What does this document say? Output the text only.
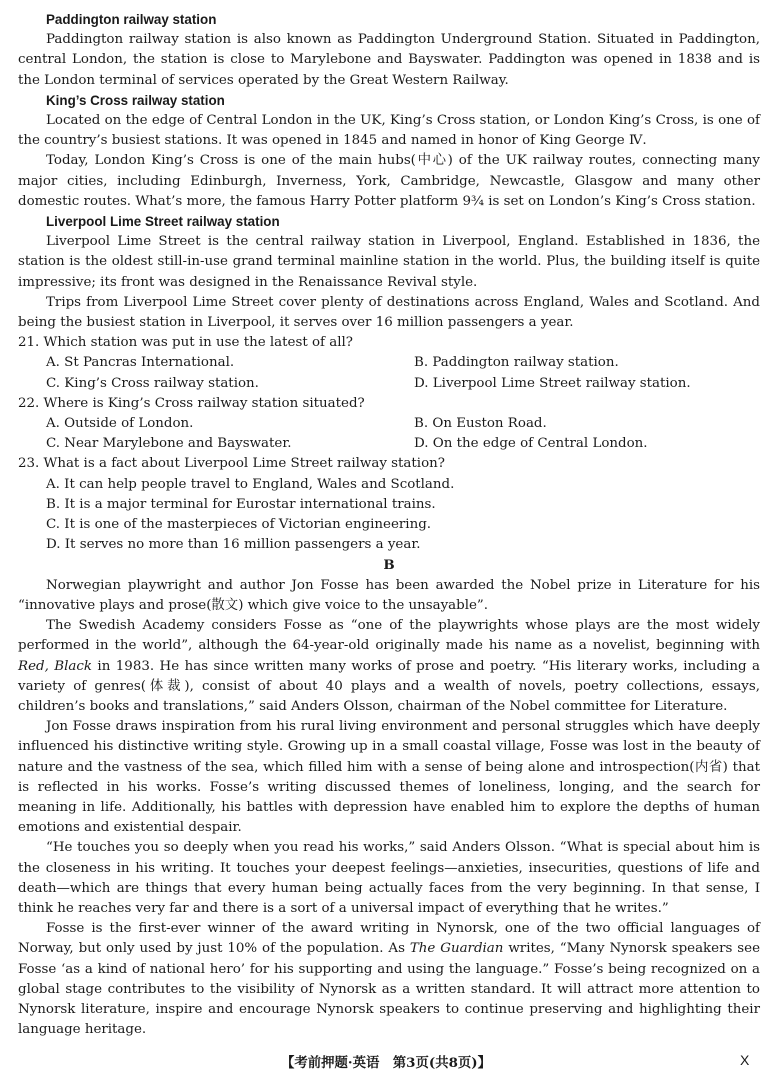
Paddington railway station

Paddington railway station is also known as Paddington Underground Station. Situated in Paddington, central London, the station is close to Marylebone and Bayswater. Paddington was opened in 1838 and is the London terminal of services operated by the Great Western Railway.

King’s Cross railway station

Located on the edge of Central London in the UK, King’s Cross station, or London King’s Cross, is one of the country’s busiest stations. It was opened in 1845 and named in honor of King George Ⅳ.

Today, London King’s Cross is one of the main hubs(中心) of the UK railway routes, connecting many major cities, including Edinburgh, Inverness, York, Cambridge, Newcastle, Glasgow and many other domestic routes. What’s more, the famous Harry Potter platform 9¾ is set on London’s King’s Cross station.

Liverpool Lime Street railway station

Liverpool Lime Street is the central railway station in Liverpool, England. Established in 1836, the station is the oldest still-in-use grand terminal mainline station in the world. Plus, the building itself is quite impressive; its front was designed in the Renaissance Revival style.

Trips from Liverpool Lime Street cover plenty of destinations across England, Wales and Scotland. And being the busiest station in Liverpool, it serves over 16 million passengers a year.

21. Which station was put in use the latest of all?

A. St Pancras International.	B. Paddington railway station.
C. King’s Cross railway station.	D. Liverpool Lime Street railway station.

22. Where is King’s Cross railway station situated?

A. Outside of London.	B. On Euston Road.
C. Near Marylebone and Bayswater.	D. On the edge of Central London.

23. What is a fact about Liverpool Lime Street railway station?

A. It can help people travel to England, Wales and Scotland.

B. It is a major terminal for Eurostar international trains.

C. It is one of the masterpieces of Victorian engineering.

D. It serves no more than 16 million passengers a year.

B

Norwegian playwright and author Jon Fosse has been awarded the Nobel prize in Literature for his “innovative plays and prose(散文) which give voice to the unsayable”.

The Swedish Academy considers Fosse as “one of the playwrights whose plays are the most widely performed in the world”, although the 64-year-old originally made his name as a novelist, beginning with Red, Black in 1983. He has since written many works of prose and poetry. “His literary works, including a variety of genres(体裁), consist of about 40 plays and a wealth of novels, poetry collections, essays, children’s books and translations,” said Anders Olsson, chairman of the Nobel committee for Literature.

Jon Fosse draws inspiration from his rural living environment and personal struggles which have deeply influenced his distinctive writing style. Growing up in a small coastal village, Fosse was lost in the beauty of nature and the vastness of the sea, which filled him with a sense of being alone and introspection(内省) that is reflected in his works. Fosse’s writing discussed themes of loneliness, longing, and the search for meaning in life. Additionally, his battles with depression have enabled him to explore the depths of human emotions and existential despair.

“He touches you so deeply when you read his works,” said Anders Olsson. “What is special about him is the closeness in his writing. It touches your deepest feelings—anxieties, insecurities, questions of life and death—which are things that every human being actually faces from the very beginning. In that sense, I think he reaches very far and there is a sort of a universal impact of everything that he writes.”

Fosse is the first-ever winner of the award writing in Nynorsk, one of the two official languages of Norway, but only used by just 10% of the population. As The Guardian writes, “Many Nynorsk speakers see Fosse ‘as a kind of national hero’ for his supporting and using the language.” Fosse’s being recognized on a global stage contributes to the visibility of Nynorsk as a written standard. It will attract more attention to Nynorsk literature, inspire and encourage Nynorsk speakers to continue preserving and highlighting their language heritage.

【考前押题·英语　第3页(共8页)】	X
